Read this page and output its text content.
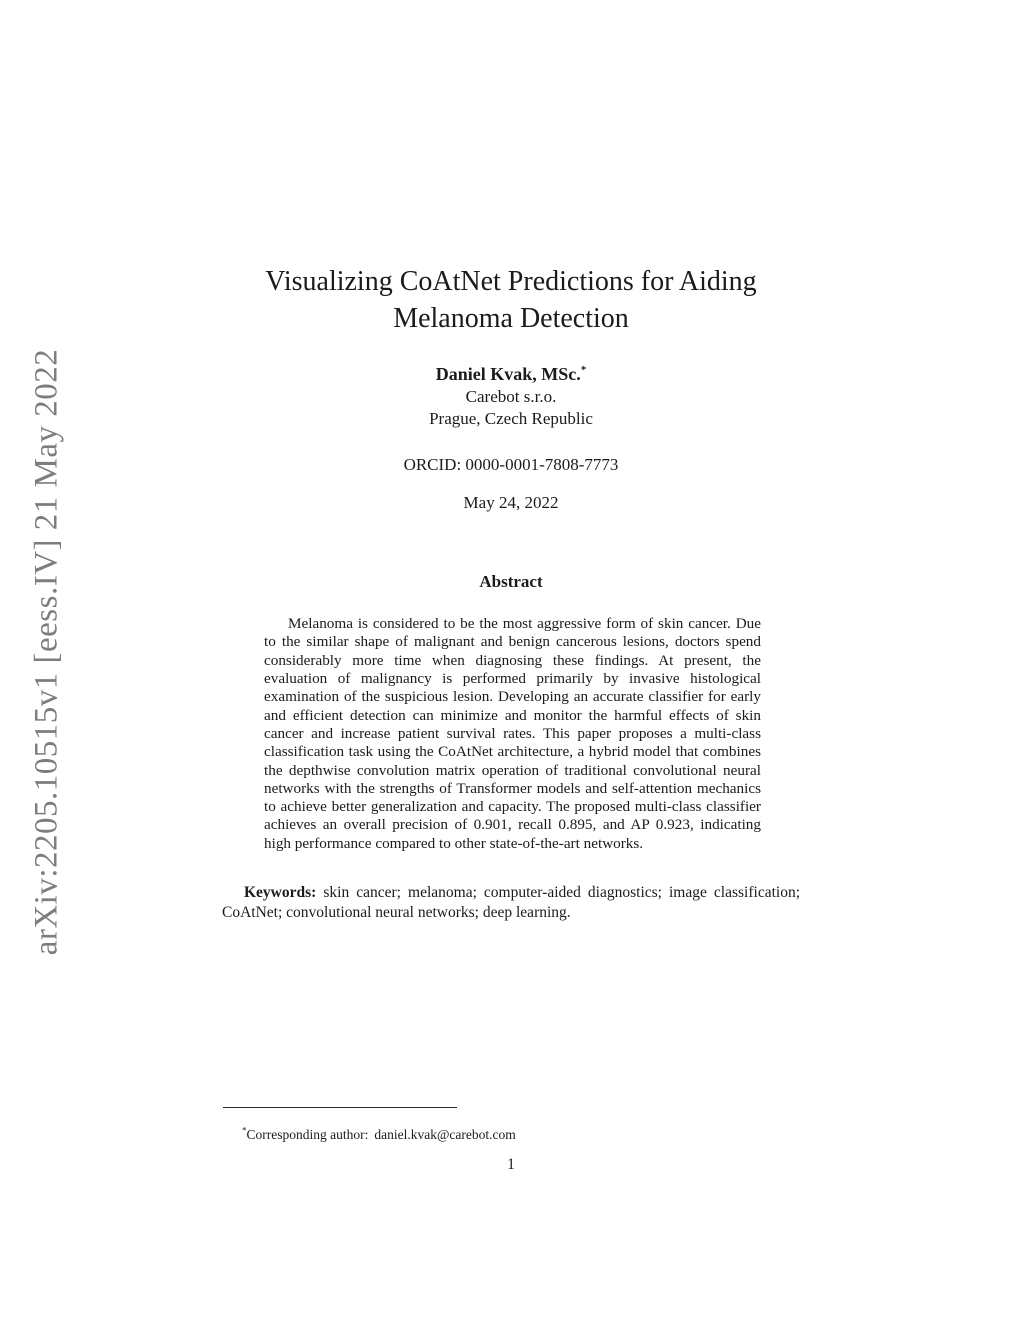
arXiv:2205.10515v1 [eess.IV] 21 May 2022
Visualizing CoAtNet Predictions for Aiding
Melanoma Detection
Daniel Kvak, MSc.*
Carebot s.r.o.
Prague, Czech Republic
ORCID: 0000-0001-7808-7773
May 24, 2022
Abstract

Melanoma is considered to be the most aggressive form of skin cancer. Due to the similar shape of malignant and benign cancerous lesions, doctors spend considerably more time when diagnosing these findings. At present, the evaluation of malignancy is performed primarily by invasive histological examination of the suspicious lesion. Developing an accurate classifier for early and efficient detection can minimize and monitor the harmful effects of skin cancer and increase patient survival rates. This paper proposes a multi-class classification task using the CoAtNet architecture, a hybrid model that combines the depthwise convolution matrix operation of traditional convolutional neural networks with the strengths of Transformer models and self-attention mechanics to achieve better generalization and capacity. The proposed multi-class classifier achieves an overall precision of 0.901, recall 0.895, and AP 0.923, indicating high performance compared to other state-of-the-art networks.

Keywords: skin cancer; melanoma; computer-aided diagnostics; image classification; CoAtNet; convolutional neural networks; deep learning.

*Corresponding author: daniel.kvak@carebot.com

1
